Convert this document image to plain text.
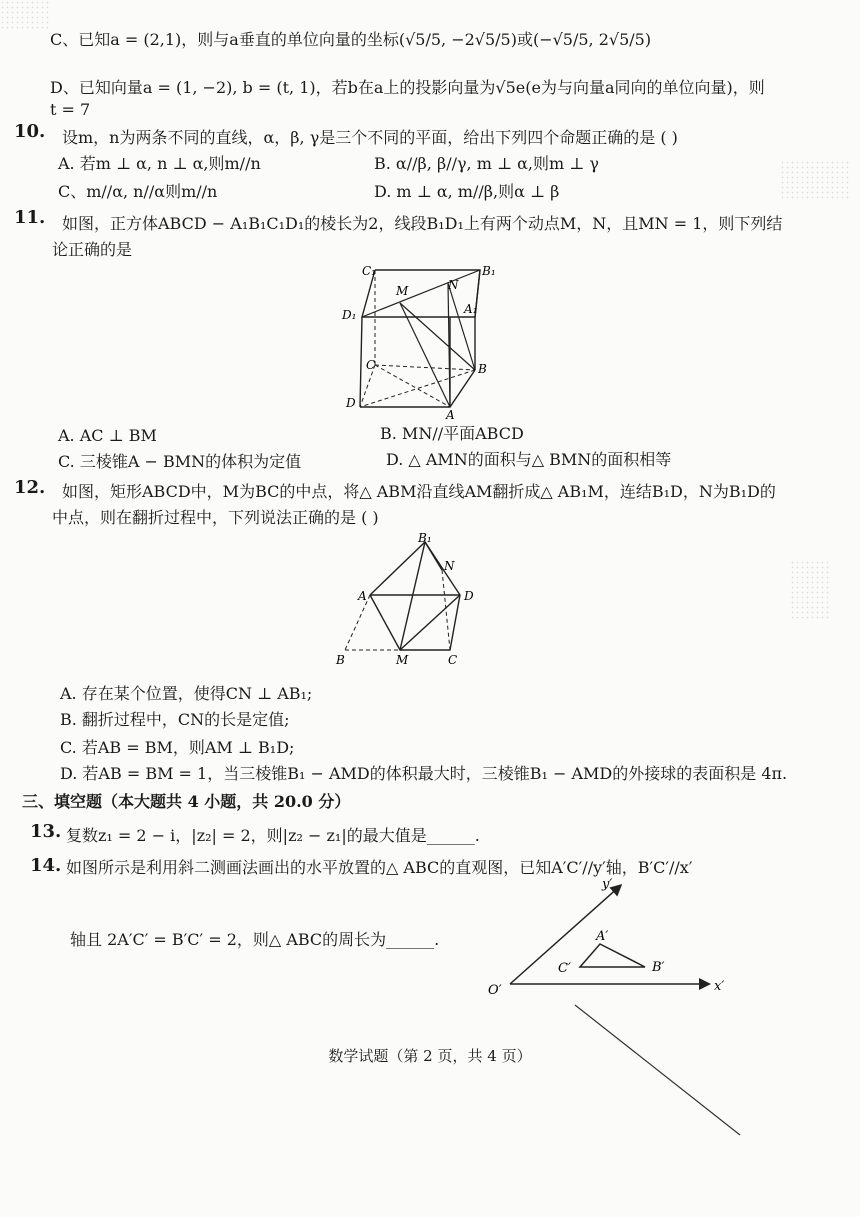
C、已知a = (2,1)，则与a垂直的单位向量的坐标(√5/5, −2√5/5)或(−√5/5, 2√5/5)
D、已知向量a = (1, −2), b = (t, 1)，若b在a上的投影向量为√5e(e为与向量a同向的单位向量)，则
t = 7
10. 设m，n为两条不同的直线，α，β, γ是三个不同的平面，给出下列四个命题正确的是 ( )
A. 若m ⊥ α, n ⊥ α,则m//n	B. α//β, β//γ, m ⊥ α,则m ⊥ γ
C、m//α, n//α则m//n	D. m ⊥ α, m//β,则α ⊥ β
11. 如图，正方体ABCD − A₁B₁C₁D₁的棱长为2，线段B₁D₁上有两个动点M，N，且MN = 1，则下列结
论正确的是
C₁	B₁
D₁	A₁
M	N
C	B
D
A
A. AC ⊥ BM	B. MN//平面ABCD
C. 三棱锥A − BMN的体积为定值	D. △ AMN的面积与△ BMN的面积相等
12. 如图，矩形ABCD中，M为BC的中点，将△ ABM沿直线AM翻折成△ AB₁M，连结B₁D，N为B₁D的
中点，则在翻折过程中，下列说法正确的是 ( )
B₁
N
A	D
B	M	C
A. 存在某个位置，使得CN ⊥ AB₁;
B. 翻折过程中，CN的长是定值;
C. 若AB = BM，则AM ⊥ B₁D;
D. 若AB = BM = 1，当三棱锥B₁ − AMD的体积最大时，三棱锥B₁ − AMD的外接球的表面积是 4π.
三、填空题（本大题共 4 小题，共 20.0 分）
13. 复数z₁ = 2 − i，|z₂| = 2，则|z₂ − z₁|的最大值是______.
14. 如图所示是利用斜二测画法画出的水平放置的△ ABC的直观图，已知A′C′//y′轴，B′C′//x′
轴且 2A′C′ = B′C′ = 2，则△ ABC的周长为______.
y′
A′
C′	B′
O′	x′
数学试题（第 2 页，共 4 页）
